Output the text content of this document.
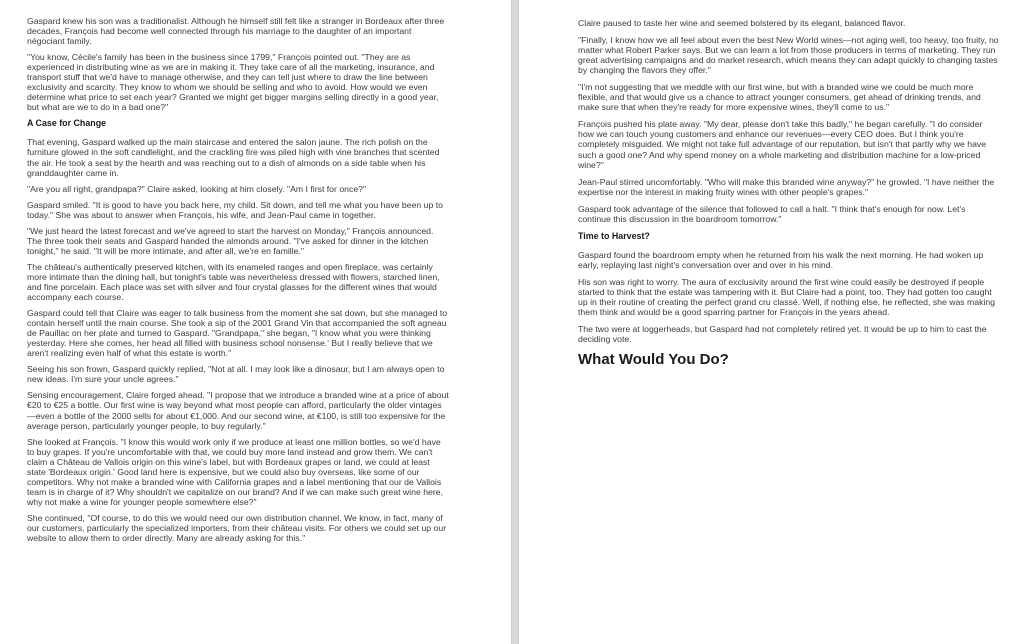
Gaspard knew his son was a traditionalist. Although he himself still felt like a stranger in Bordeaux after three decades, François had become well connected through his marriage to the daughter of an important négociant family.

"You know, Cécile's family has been in the business since 1799," François pointed out. "They are as experienced in distributing wine as we are in making it. They take care of all the marketing, insurance, and transport stuff that we'd have to manage otherwise, and they can tell just where to draw the line between exclusivity and scarcity. They know to whom we should be selling and who to avoid. How would we even determine what price to set each year? Granted we might get bigger margins selling directly in a good year, but what are we to do in a bad one?"

A Case for Change

That evening, Gaspard walked up the main staircase and entered the salon jaune. The rich polish on the furniture glowed in the soft candlelight, and the crackling fire was piled high with vine branches that scented the air. He took a seat by the hearth and was reaching out to a dish of almonds on a side table when his granddaughter came in.

"Are you all right, grandpapa?" Claire asked, looking at him closely. "Am I first for once?"

Gaspard smiled. "It is good to have you back here, my child. Sit down, and tell me what you have been up to today." She was about to answer when François, his wife, and Jean-Paul came in together.

"We just heard the latest forecast and we've agreed to start the harvest on Monday," François announced. The three took their seats and Gaspard handed the almonds around. "I've asked for dinner in the kitchen tonight," he said. "It will be more intimate, and after all, we're en famille."

The château's authentically preserved kitchen, with its enameled ranges and open fireplace, was certainly more intimate than the dining hall, but tonight's table was nevertheless dressed with flowers, starched linen, and fine porcelain. Each place was set with silver and four crystal glasses for the different wines that would accompany each course.

Gaspard could tell that Claire was eager to talk business from the moment she sat down, but she managed to contain herself until the main course. She took a sip of the 2001 Grand Vin that accompanied the soft agneau de Pauillac on her plate and turned to Gaspard. "Grandpapa," she began, "I know what you were thinking yesterday. Here she comes, her head all filled with business school nonsense.' But I really believe that we aren't realizing even half of what this estate is worth."

Seeing his son frown, Gaspard quickly replied, "Not at all. I may look like a dinosaur, but I am always open to new ideas. I'm sure your uncle agrees."

Sensing encouragement, Claire forged ahead. "I propose that we introduce a branded wine at a price of about €20 to €25 a bottle. Our first wine is way beyond what most people can afford, particularly the older vintages—even a bottle of the 2000 sells for about €1,000. And our second wine, at €100, is still too expensive for the average person, particularly younger people, to buy regularly."

She looked at François. "I know this would work only if we produce at least one million bottles, so we'd have to buy grapes. If you're uncomfortable with that, we could buy more land instead and grow them. We can't claim a Château de Vallois origin on this wine's label, but with Bordeaux grapes or land, we could at least state 'Bordeaux origin.' Good land here is expensive, but we could also buy overseas, like some of our competitors. Why not make a branded wine with California grapes and a label mentioning that our de Vallois team is in charge of it? Why shouldn't we capitalize on our brand? And if we can make such great wine here, why not make a wine for younger people somewhere else?"

She continued, "Of course, to do this we would need our own distribution channel. We know, in fact, many of our customers, particularly the specialized importers, from their château visits. For others we could set up our website to allow them to order directly. Many are already asking for this."

Claire paused to taste her wine and seemed bolstered by its elegant, balanced flavor.

"Finally, I know how we all feel about even the best New World wines—not aging well, too heavy, too fruity, no matter what Robert Parker says. But we can learn a lot from those producers in terms of marketing. They run great advertising campaigns and do market research, which means they can adapt quickly to changing tastes by changing the flavors they offer."

"I'm not suggesting that we meddle with our first wine, but with a branded wine we could be much more flexible, and that would give us a chance to attract younger consumers, get ahead of drinking trends, and make sure that when they're ready for more expensive wines, they'll come to us."

François pushed his plate away. "My dear, please don't take this badly," he began carefully. "I do consider how we can touch young customers and enhance our revenues—every CEO does. But I think you're completely misguided. We might not take full advantage of our reputation, but isn't that partly why we have such a good one? And why spend money on a whole marketing and distribution machine for a low-priced wine?"

Jean-Paul stirred uncomfortably. "Who will make this branded wine anyway?" he growled. "I have neither the expertise nor the interest in making fruity wines with other people's grapes."

Gaspard took advantage of the silence that followed to call a halt. "I think that's enough for now. Let's continue this discussion in the boardroom tomorrow."

Time to Harvest?

Gaspard found the boardroom empty when he returned from his walk the next morning. He had woken up early, replaying last night's conversation over and over in his mind.

His son was right to worry. The aura of exclusivity around the first wine could easily be destroyed if people started to think that the estate was tampering with it. But Claire had a point, too. They had gotten too caught up in their routine of creating the perfect grand cru classé. Well, if nothing else, he reflected, she was making them think and would be a good sparring partner for François in the years ahead.

The two were at loggerheads, but Gaspard had not completely retired yet. It would be up to him to cast the deciding vote.

What Would You Do?
